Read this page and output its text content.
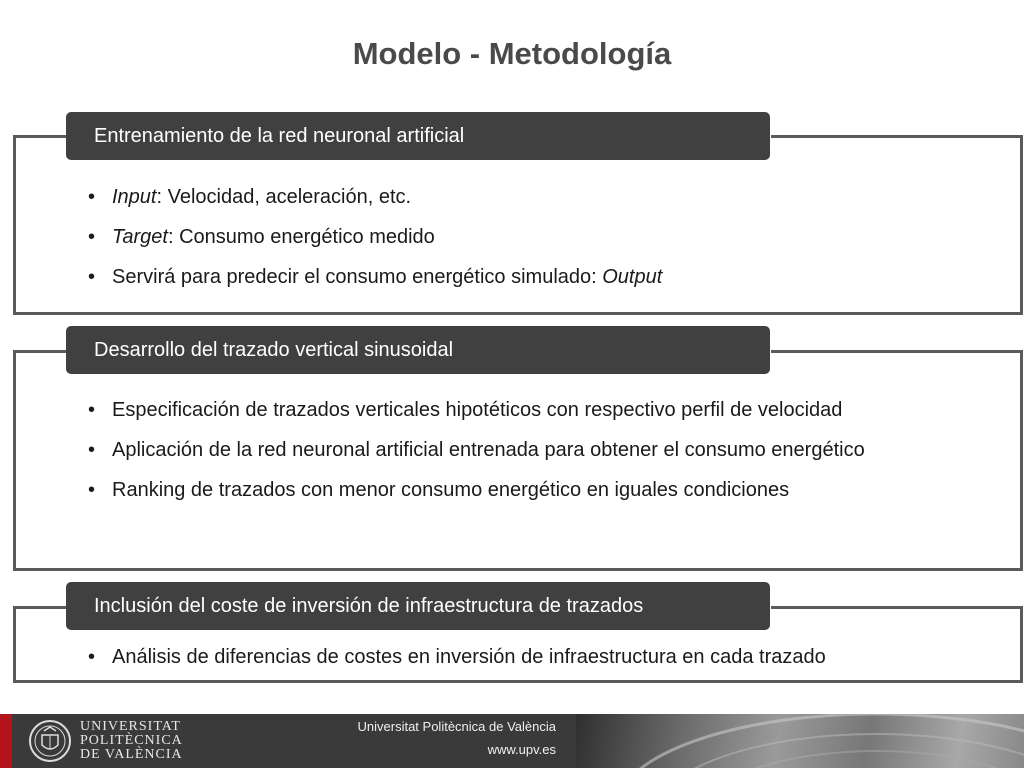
Modelo - Metodología
Entrenamiento de la red neuronal artificial
• Input: Velocidad, aceleración, etc.
• Target: Consumo energético medido
• Servirá para predecir el consumo energético simulado: Output
Desarrollo del trazado vertical sinusoidal
• Especificación de trazados verticales hipotéticos con respectivo perfil de velocidad
• Aplicación de la red neuronal artificial entrenada para obtener el consumo energético
• Ranking de trazados con menor consumo energético en iguales condiciones
Inclusión del coste de inversión de infraestructura de trazados
• Análisis de diferencias de costes en inversión de infraestructura en cada trazado
UNIVERSITAT
POLITÈCNICA
DE VALÈNCIA
Universitat Politècnica de València
www.upv.es
